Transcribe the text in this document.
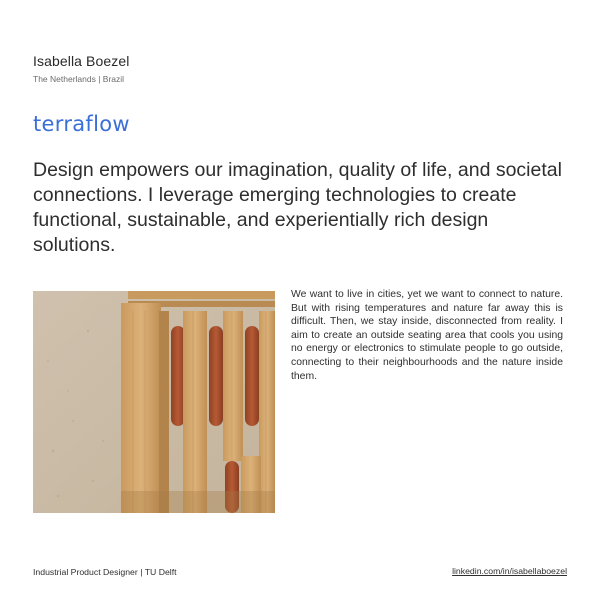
Isabella Boezel
The Netherlands | Brazil
terraflow

Design empowers our imagination, quality of life, and societal connections. I leverage emerging technologies to create functional, sustainable, and experientially rich design solutions.

We want to live in cities, yet we want to connect to nature. But with rising temperatures and nature far away this is difficult. Then, we stay inside, disconnected from reality. I aim to create an outside seating area that cools you using no energy or electronics to stimulate people to go outside, connecting to their neighbourhoods and the nature inside them.

Industrial Product Designer | TU Delft	linkedin.com/in/isabellaboezel
